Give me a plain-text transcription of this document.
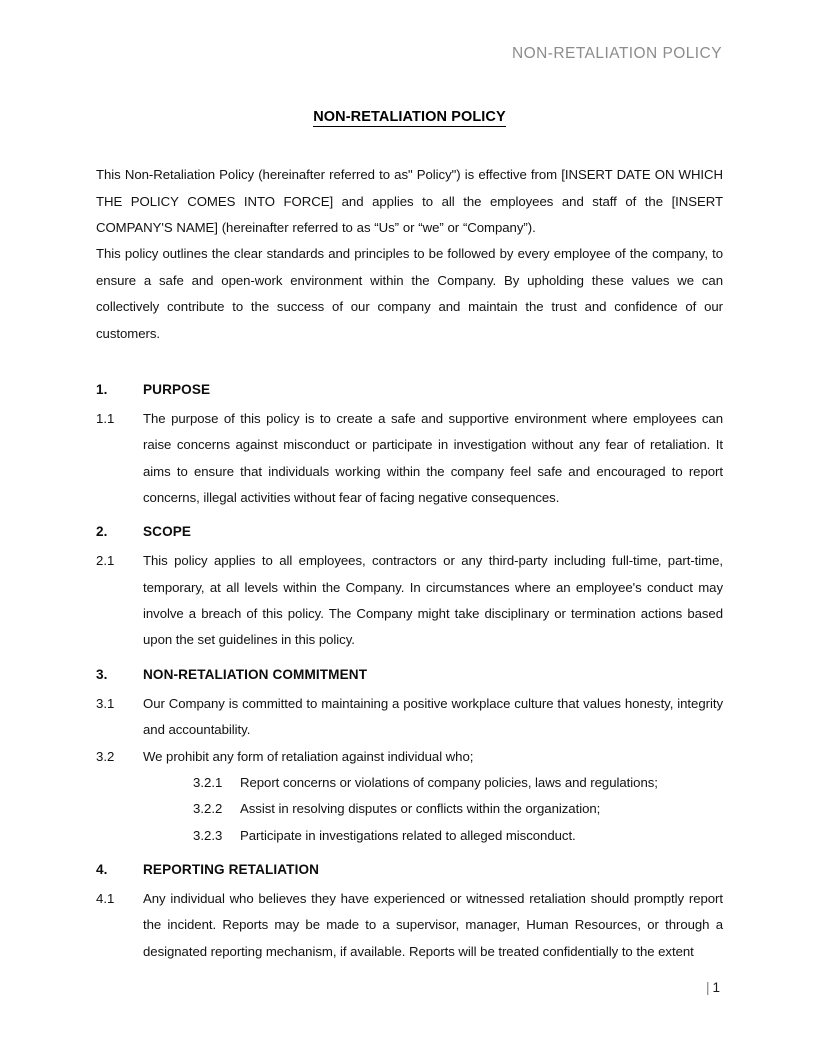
NON-RETALIATION POLICY
NON-RETALIATION POLICY

This Non-Retaliation Policy (hereinafter referred to as" Policy") is effective from [INSERT DATE ON WHICH THE POLICY COMES INTO FORCE] and applies to all the employees and staff of the [INSERT COMPANY'S NAME] (hereinafter referred to as “Us” or “we” or “Company”).

This policy outlines the clear standards and principles to be followed by every employee of the company, to ensure a safe and open-work environment within the Company. By upholding these values we can collectively contribute to the success of our company and maintain the trust and confidence of our customers.

1.	PURPOSE
1.1	The purpose of this policy is to create a safe and supportive environment where employees can raise concerns against misconduct or participate in investigation without any fear of retaliation. It aims to ensure that individuals working within the company feel safe and encouraged to report concerns, illegal activities without fear of facing negative consequences.
2.	SCOPE
2.1	This policy applies to all employees, contractors or any third-party including full-time, part-time, temporary, at all levels within the Company. In circumstances where an employee's conduct may involve a breach of this policy. The Company might take disciplinary or termination actions based upon the set guidelines in this policy.
3.	NON-RETALIATION COMMITMENT
3.1	Our Company is committed to maintaining a positive workplace culture that values honesty, integrity and accountability.
3.2	We prohibit any form of retaliation against individual who;
3.2.1	Report concerns or violations of company policies, laws and regulations;
3.2.2	Assist in resolving disputes or conflicts within the organization;
3.2.3	Participate in investigations related to alleged misconduct.
4.	REPORTING RETALIATION
4.1	Any individual who believes they have experienced or witnessed retaliation should promptly report the incident. Reports may be made to a supervisor, manager, Human Resources, or through a designated reporting mechanism, if available. Reports will be treated confidentially to the extent
| 1
